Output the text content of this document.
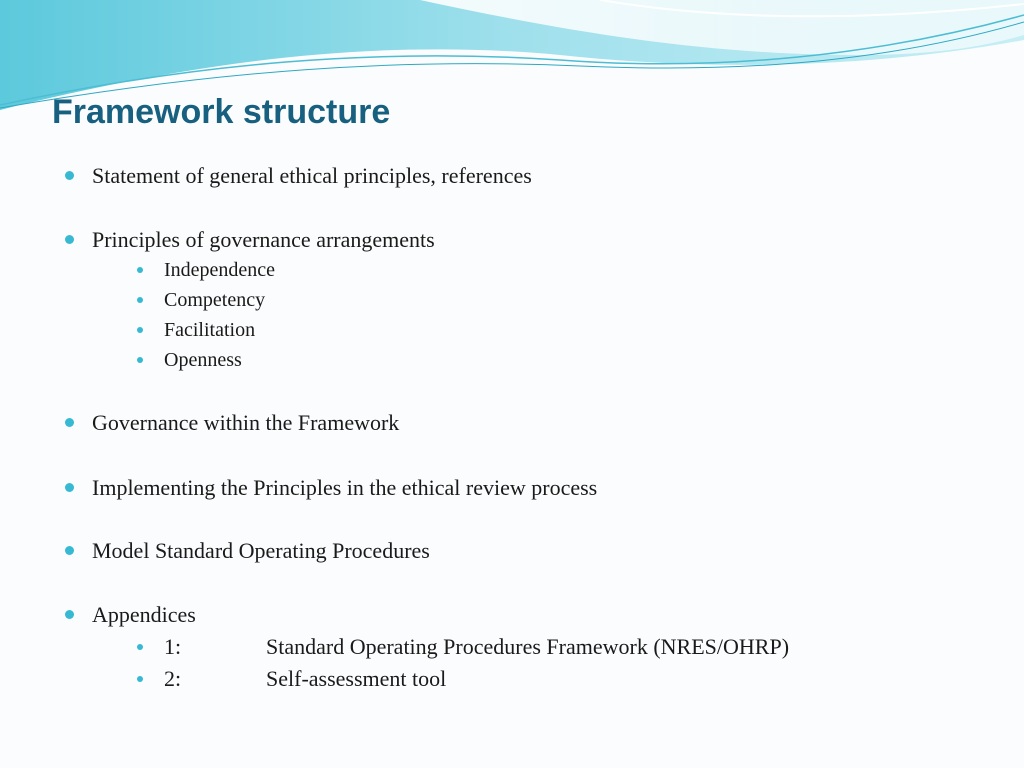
Framework structure
Statement of general ethical principles, references
Principles of governance arrangements
Independence
Competency
Facilitation
Openness
Governance within the Framework
Implementing the Principles in the ethical review process
Model Standard Operating Procedures
Appendices
1:	Standard Operating Procedures Framework (NRES/OHRP)
2:	Self-assessment tool
